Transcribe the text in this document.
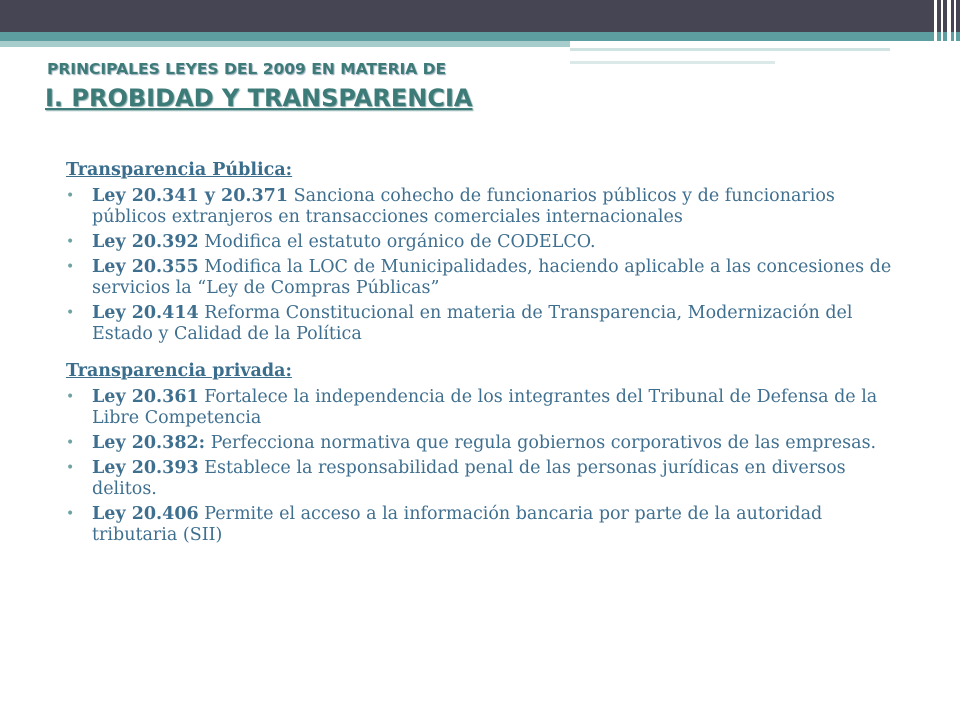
PRINCIPALES LEYES DEL 2009 EN MATERIA DE
I. PROBIDAD Y TRANSPARENCIA
Transparencia Pública:
• Ley 20.341 y 20.371 Sanciona cohecho de funcionarios públicos y de funcionarios públicos extranjeros en transacciones comerciales internacionales
• Ley 20.392 Modifica el estatuto orgánico de CODELCO.
• Ley 20.355 Modifica la LOC de Municipalidades, haciendo aplicable a las concesiones de servicios la “Ley de Compras Públicas”
• Ley 20.414 Reforma Constitucional en materia de Transparencia, Modernización del Estado y Calidad de la Política
Transparencia privada:
• Ley 20.361 Fortalece la independencia de los integrantes del Tribunal de Defensa de la Libre Competencia
• Ley 20.382: Perfecciona normativa que regula gobiernos corporativos de las empresas.
• Ley 20.393 Establece la responsabilidad penal de las personas jurídicas en diversos delitos.
• Ley 20.406 Permite el acceso a la información bancaria por parte de la autoridad tributaria (SII)
